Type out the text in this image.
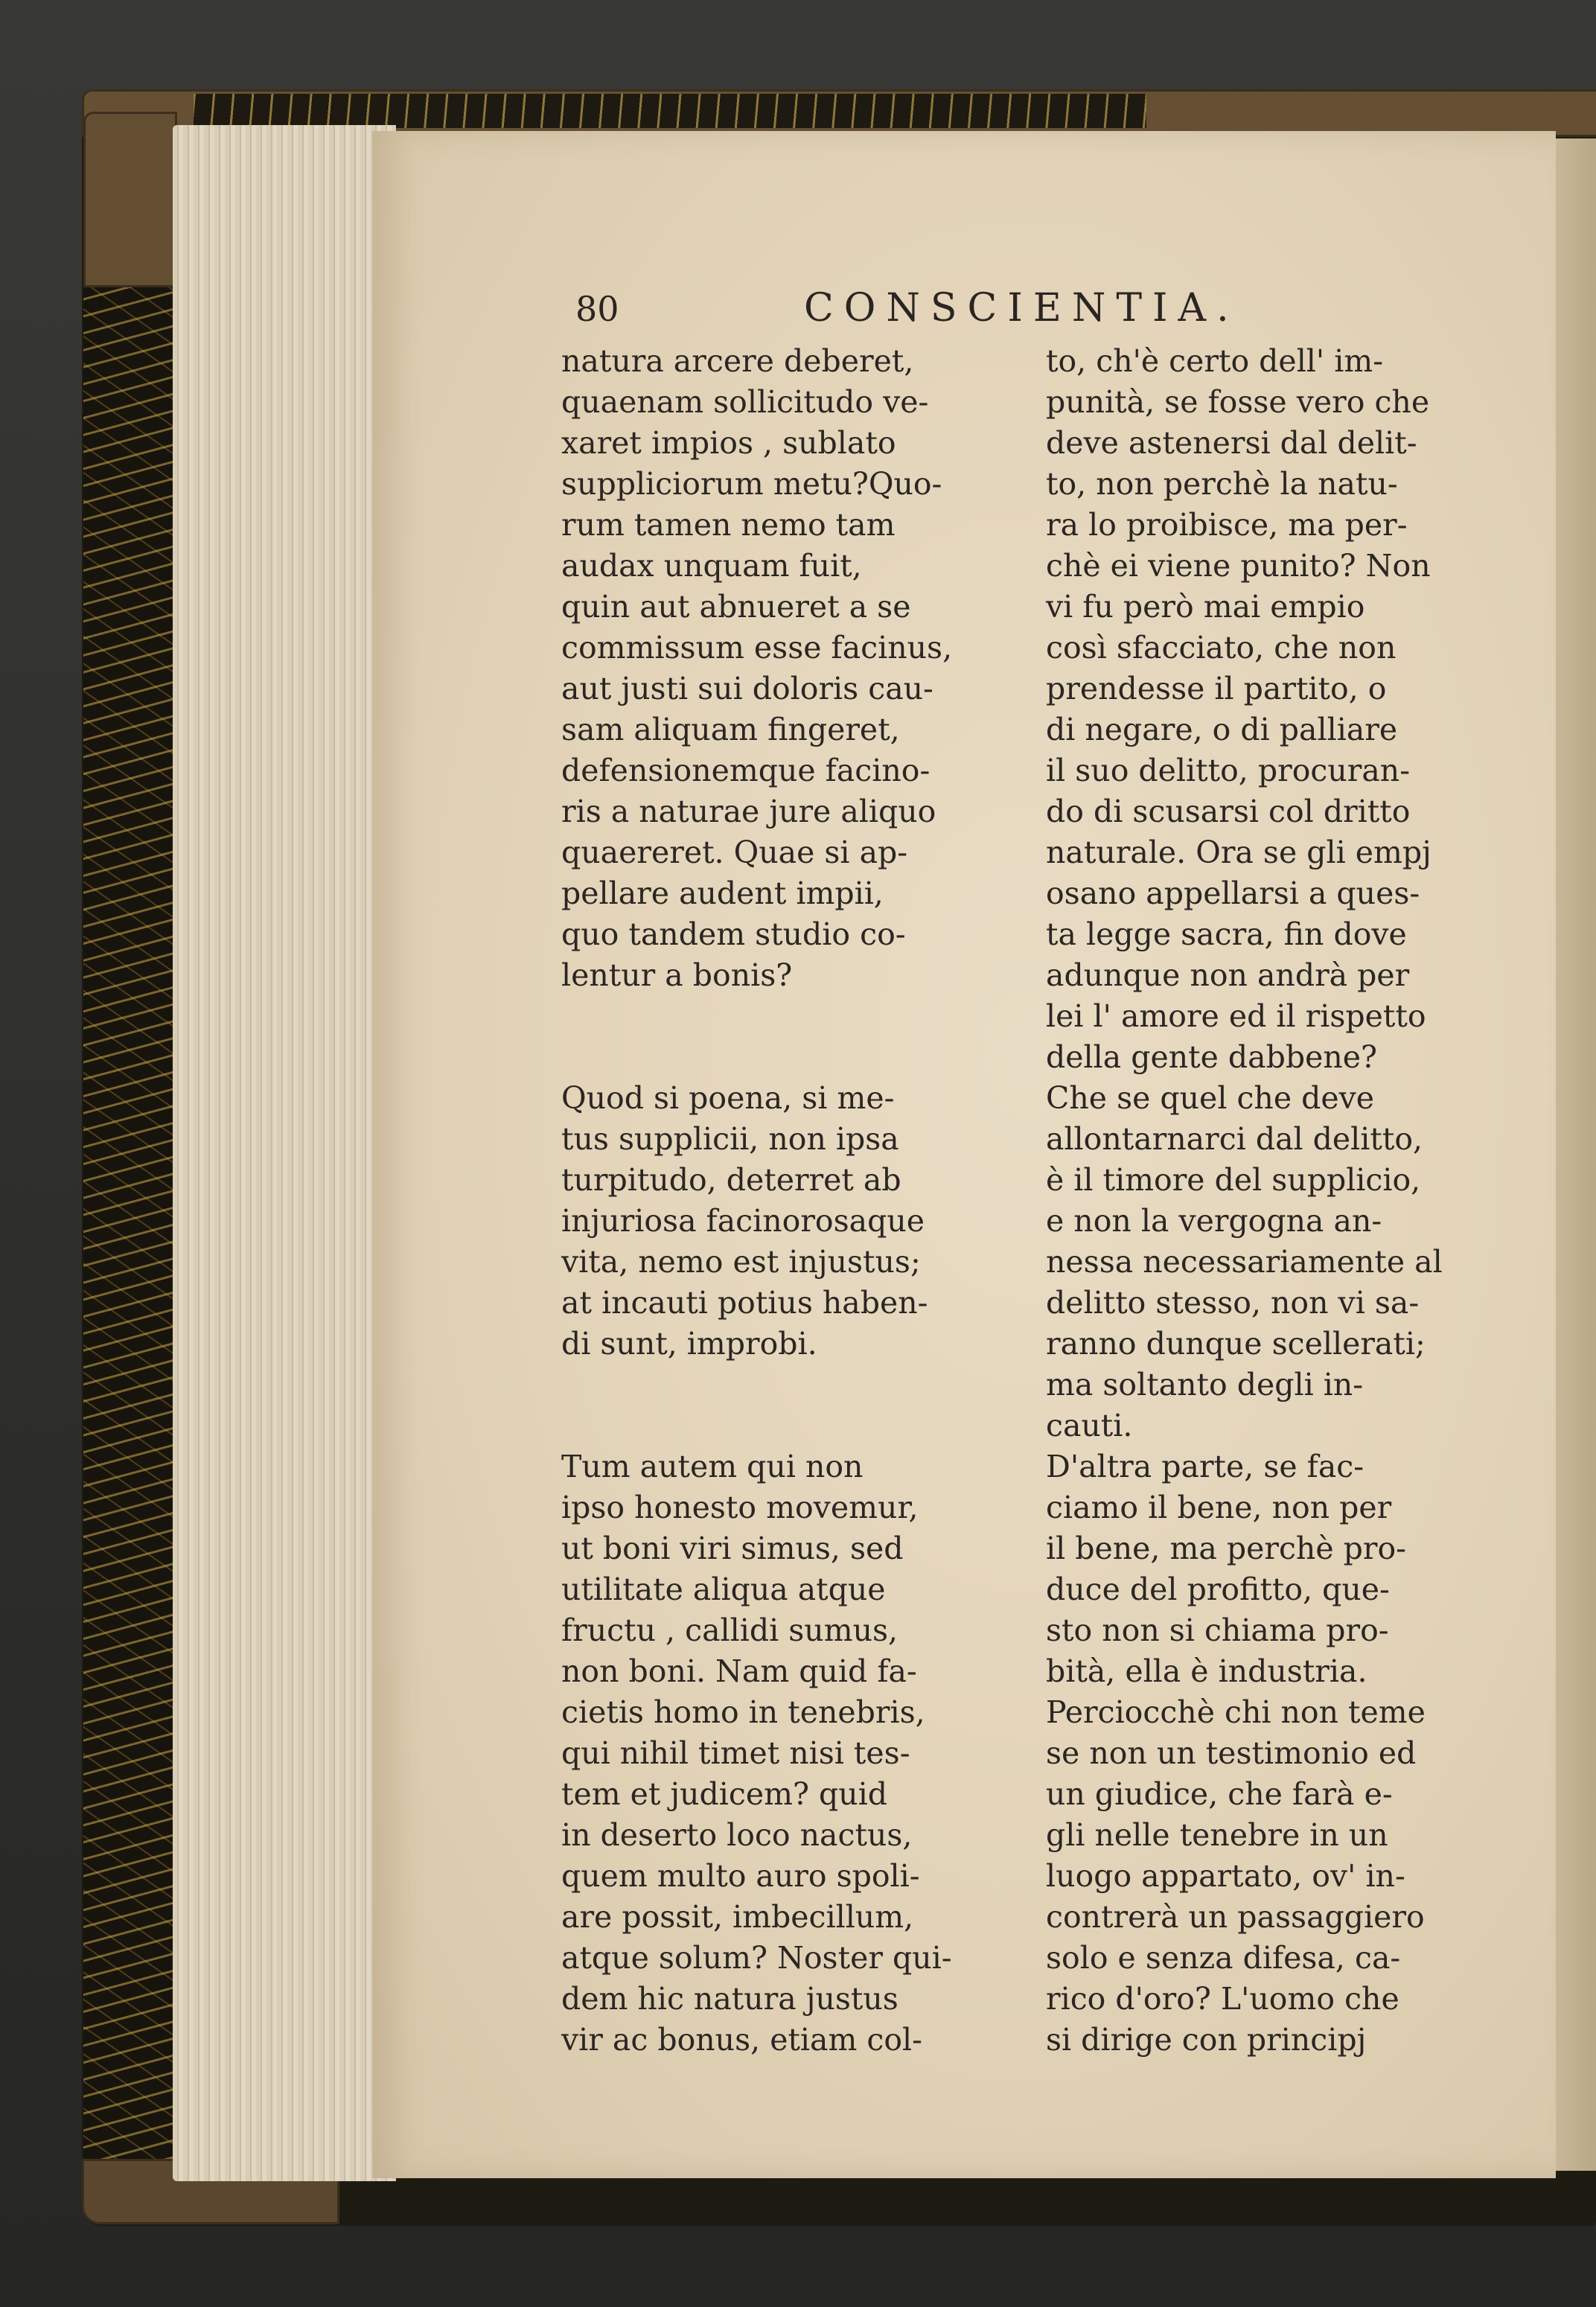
80	CONSCIENTIA.
natura arcere deberet,
quaenam sollicitudo ve-
xaret impios , sublato
suppliciorum metu?Quo-
rum tamen nemo tam
audax unquam fuit,
quin aut abnueret a se
commissum esse facinus,
aut justi sui doloris cau-
sam aliquam fingeret,
defensionemque facino-
ris a naturae jure aliquo
quaereret. Quae si ap-
pellare audent impii,
quo tandem studio co-
lentur a bonis?
Quod si poena, si me-
tus supplicii, non ipsa
turpitudo, deterret ab
injuriosa facinorosaque
vita, nemo est injustus;
at incauti potius haben-
di sunt, improbi.
Tum autem qui non
ipso honesto movemur,
ut boni viri simus, sed
utilitate aliqua atque
fructu , callidi sumus,
non boni. Nam quid fa-
cietis homo in tenebris,
qui nihil timet nisi tes-
tem et judicem? quid
in deserto loco nactus,
quem multo auro spoli-
are possit, imbecillum,
atque solum? Noster qui-
dem hic natura justus
vir ac bonus, etiam col-
to, ch'è certo dell' im-
punità, se fosse vero che
deve astenersi dal delit-
to, non perchè la natu-
ra lo proibisce, ma per-
chè ei viene punito? Non
vi fu però mai empio
così sfacciato, che non
prendesse il partito, o
di negare, o di palliare
il suo delitto, procuran-
do di scusarsi col dritto
naturale. Ora se gli empj
osano appellarsi a ques-
ta legge sacra, fin dove
adunque non andrà per
lei l' amore ed il rispetto
della gente dabbene?
Che se quel che deve
allontarnarci dal delitto,
è il timore del supplicio,
e non la vergogna an-
nessa necessariamente al
delitto stesso, non vi sa-
ranno dunque scellerati;
ma soltanto degli in-
cauti.
D'altra parte, se fac-
ciamo il bene, non per
il bene, ma perchè pro-
duce del profitto, que-
sto non si chiama pro-
bità, ella è industria.
Perciocchè chi non teme
se non un testimonio ed
un giudice, che farà e-
gli nelle tenebre in un
luogo appartato, ov' in-
contrerà un passaggiero
solo e senza difesa, ca-
rico d'oro? L'uomo che
si dirige con principj
